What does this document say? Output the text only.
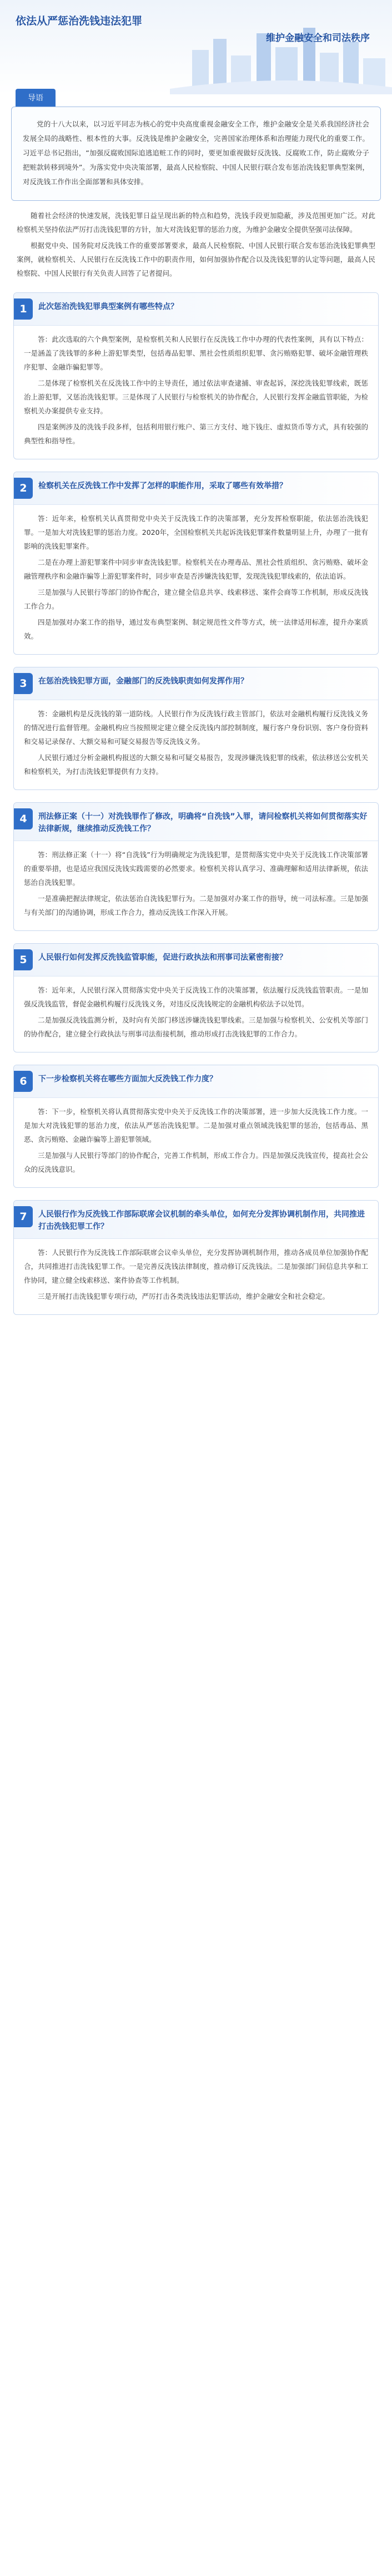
依法从严惩治洗钱违法犯罪
维护金融安全和司法秩序
导语
党的十八大以来，以习近平同志为核心的党中央高度重视金融安全工作，维护金融安全是关系我国经济社会发展全局的战略性、根本性的大事。反洗钱是维护金融安全，完善国家治理体系和治理能力现代化的重要工作。习近平总书记指出，“加强反腐败国际追逃追赃工作的同时，要更加重视做好反洗钱、反腐败工作，防止腐败分子把赃款转移到境外”。为落实党中央决策部署，最高人民检察院、中国人民银行联合发布惩治洗钱犯罪典型案例，对反洗钱工作作出全面部署和具体安排。

随着社会经济的快速发展，洗钱犯罪日益呈现出新的特点和趋势，洗钱手段更加隐蔽，涉及范围更加广泛。对此检察机关坚持依法严厉打击洗钱犯罪的方针，加大对洗钱犯罪的惩治力度，为维护金融安全提供坚强司法保障。

根据党中央、国务院对反洗钱工作的重要部署要求，最高人民检察院、中国人民银行联合发布惩治洗钱犯罪典型案例，就检察机关、人民银行在反洗钱工作中的职责作用，如何加强协作配合以及洗钱犯罪的认定等问题，最高人民检察院、中国人民银行有关负责人回答了记者提问。

1	此次惩治洗钱犯罪典型案例有哪些特点？

答：此次选取的六个典型案例，是检察机关和人民银行在反洗钱工作中办理的代表性案例，具有以下特点：一是涵盖了洗钱罪的多种上游犯罪类型，包括毒品犯罪、黑社会性质组织犯罪、贪污贿赂犯罪、破坏金融管理秩序犯罪、金融诈骗犯罪等。

二是体现了检察机关在反洗钱工作中的主导责任，通过依法审查逮捕、审查起诉，深挖洗钱犯罪线索，既惩治上游犯罪，又惩治洗钱犯罪。三是体现了人民银行与检察机关的协作配合，人民银行发挥金融监管职能，为检察机关办案提供专业支持。

四是案例涉及的洗钱手段多样，包括利用银行账户、第三方支付、地下钱庄、虚拟货币等方式，具有较强的典型性和指导性。

2	检察机关在反洗钱工作中发挥了怎样的职能作用，采取了哪些有效举措？

答：近年来，检察机关认真贯彻党中央关于反洗钱工作的决策部署，充分发挥检察职能，依法惩治洗钱犯罪。一是加大对洗钱犯罪的惩治力度。2020年，全国检察机关共起诉洗钱犯罪案件数量明显上升，办理了一批有影响的洗钱犯罪案件。

二是在办理上游犯罪案件中同步审查洗钱犯罪。检察机关在办理毒品、黑社会性质组织、贪污贿赂、破坏金融管理秩序和金融诈骗等上游犯罪案件时，同步审查是否涉嫌洗钱犯罪，发现洗钱犯罪线索的，依法追诉。

三是加强与人民银行等部门的协作配合，建立健全信息共享、线索移送、案件会商等工作机制，形成反洗钱工作合力。

四是加强对办案工作的指导，通过发布典型案例、制定规范性文件等方式，统一法律适用标准，提升办案质效。

3	在惩治洗钱犯罪方面，金融部门的反洗钱职责如何发挥作用？

答：金融机构是反洗钱的第一道防线。人民银行作为反洗钱行政主管部门，依法对金融机构履行反洗钱义务的情况进行监督管理。金融机构应当按照规定建立健全反洗钱内部控制制度，履行客户身份识别、客户身份资料和交易记录保存、大额交易和可疑交易报告等反洗钱义务。

人民银行通过分析金融机构报送的大额交易和可疑交易报告，发现涉嫌洗钱犯罪的线索，依法移送公安机关和检察机关，为打击洗钱犯罪提供有力支持。

4	刑法修正案（十一）对洗钱罪作了修改，明确将“自洗钱”入罪，请问检察机关将如何贯彻落实好法律新规，继续推动反洗钱工作？

答：刑法修正案（十一）将“自洗钱”行为明确规定为洗钱犯罪，是贯彻落实党中央关于反洗钱工作决策部署的重要举措，也是适应我国反洗钱实践需要的必然要求。检察机关将认真学习、准确理解和适用法律新规，依法惩治自洗钱犯罪。

一是准确把握法律规定，依法惩治自洗钱犯罪行为。二是加强对办案工作的指导，统一司法标准。三是加强与有关部门的沟通协调，形成工作合力，推动反洗钱工作深入开展。

5	人民银行如何发挥反洗钱监管职能，促进行政执法和刑事司法紧密衔接？

答：近年来，人民银行深入贯彻落实党中央关于反洗钱工作的决策部署，依法履行反洗钱监管职责。一是加强反洗钱监管，督促金融机构履行反洗钱义务，对违反反洗钱规定的金融机构依法予以处罚。

二是加强反洗钱监测分析，及时向有关部门移送涉嫌洗钱犯罪线索。三是加强与检察机关、公安机关等部门的协作配合，建立健全行政执法与刑事司法衔接机制，推动形成打击洗钱犯罪的工作合力。

6	下一步检察机关将在哪些方面加大反洗钱工作力度？

答：下一步，检察机关将认真贯彻落实党中央关于反洗钱工作的决策部署，进一步加大反洗钱工作力度。一是加大对洗钱犯罪的惩治力度，依法从严惩治洗钱犯罪。二是加强对重点领域洗钱犯罪的惩治，包括毒品、黑恶、贪污贿赂、金融诈骗等上游犯罪领域。

三是加强与人民银行等部门的协作配合，完善工作机制，形成工作合力。四是加强反洗钱宣传，提高社会公众的反洗钱意识。

7	人民银行作为反洗钱工作部际联席会议机制的牵头单位，如何充分发挥协调机制作用，共同推进打击洗钱犯罪工作？

答：人民银行作为反洗钱工作部际联席会议牵头单位，充分发挥协调机制作用，推动各成员单位加强协作配合，共同推进打击洗钱犯罪工作。一是完善反洗钱法律制度，推动修订反洗钱法。二是加强部门间信息共享和工作协同，建立健全线索移送、案件协查等工作机制。

三是开展打击洗钱犯罪专项行动，严厉打击各类洗钱违法犯罪活动，维护金融安全和社会稳定。
